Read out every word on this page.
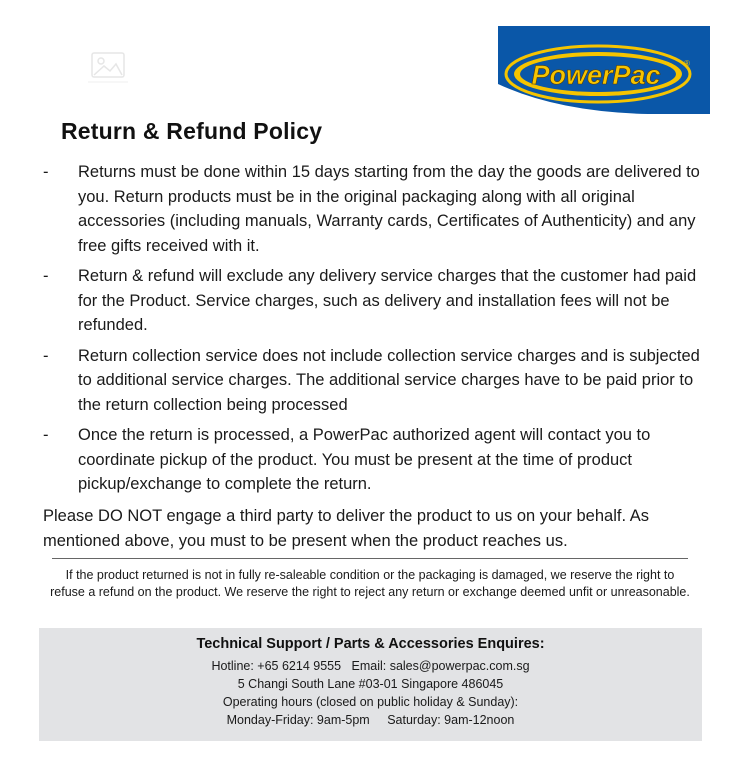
PowerPac	®
Return & Refund Policy
- Returns must be done within 15 days starting from the day the goods are delivered to you. Return products must be in the original packaging along with all original accessories (including manuals, Warranty cards, Certificates of Authenticity) and any free gifts received with it.
- Return & refund will exclude any delivery service charges that the customer had paid for the Product. Service charges, such as delivery and installation fees will not be refunded.
- Return collection service does not include collection service charges and is subjected to additional service charges. The additional service charges have to be paid prior to the return collection being processed
- Once the return is processed, a PowerPac authorized agent will contact you to coordinate pickup of the product. You must be present at the time of product pickup/exchange to complete the return.

Please DO NOT engage a third party to deliver the product to us on your behalf. As mentioned above, you must to be present when the product reaches us.

If the product returned is not in fully re-saleable condition or the packaging is damaged, we reserve the right to refuse a refund on the product. We reserve the right to reject any return or exchange deemed unfit or unreasonable.

Technical Support / Parts & Accessories Enquires:

Hotline: +65 6214 9555 Email: sales@powerpac.com.sg

5 Changi South Lane #03-01 Singapore 486045

Operating hours (closed on public holiday & Sunday):

Monday-Friday: 9am-5pm Saturday: 9am-12noon
